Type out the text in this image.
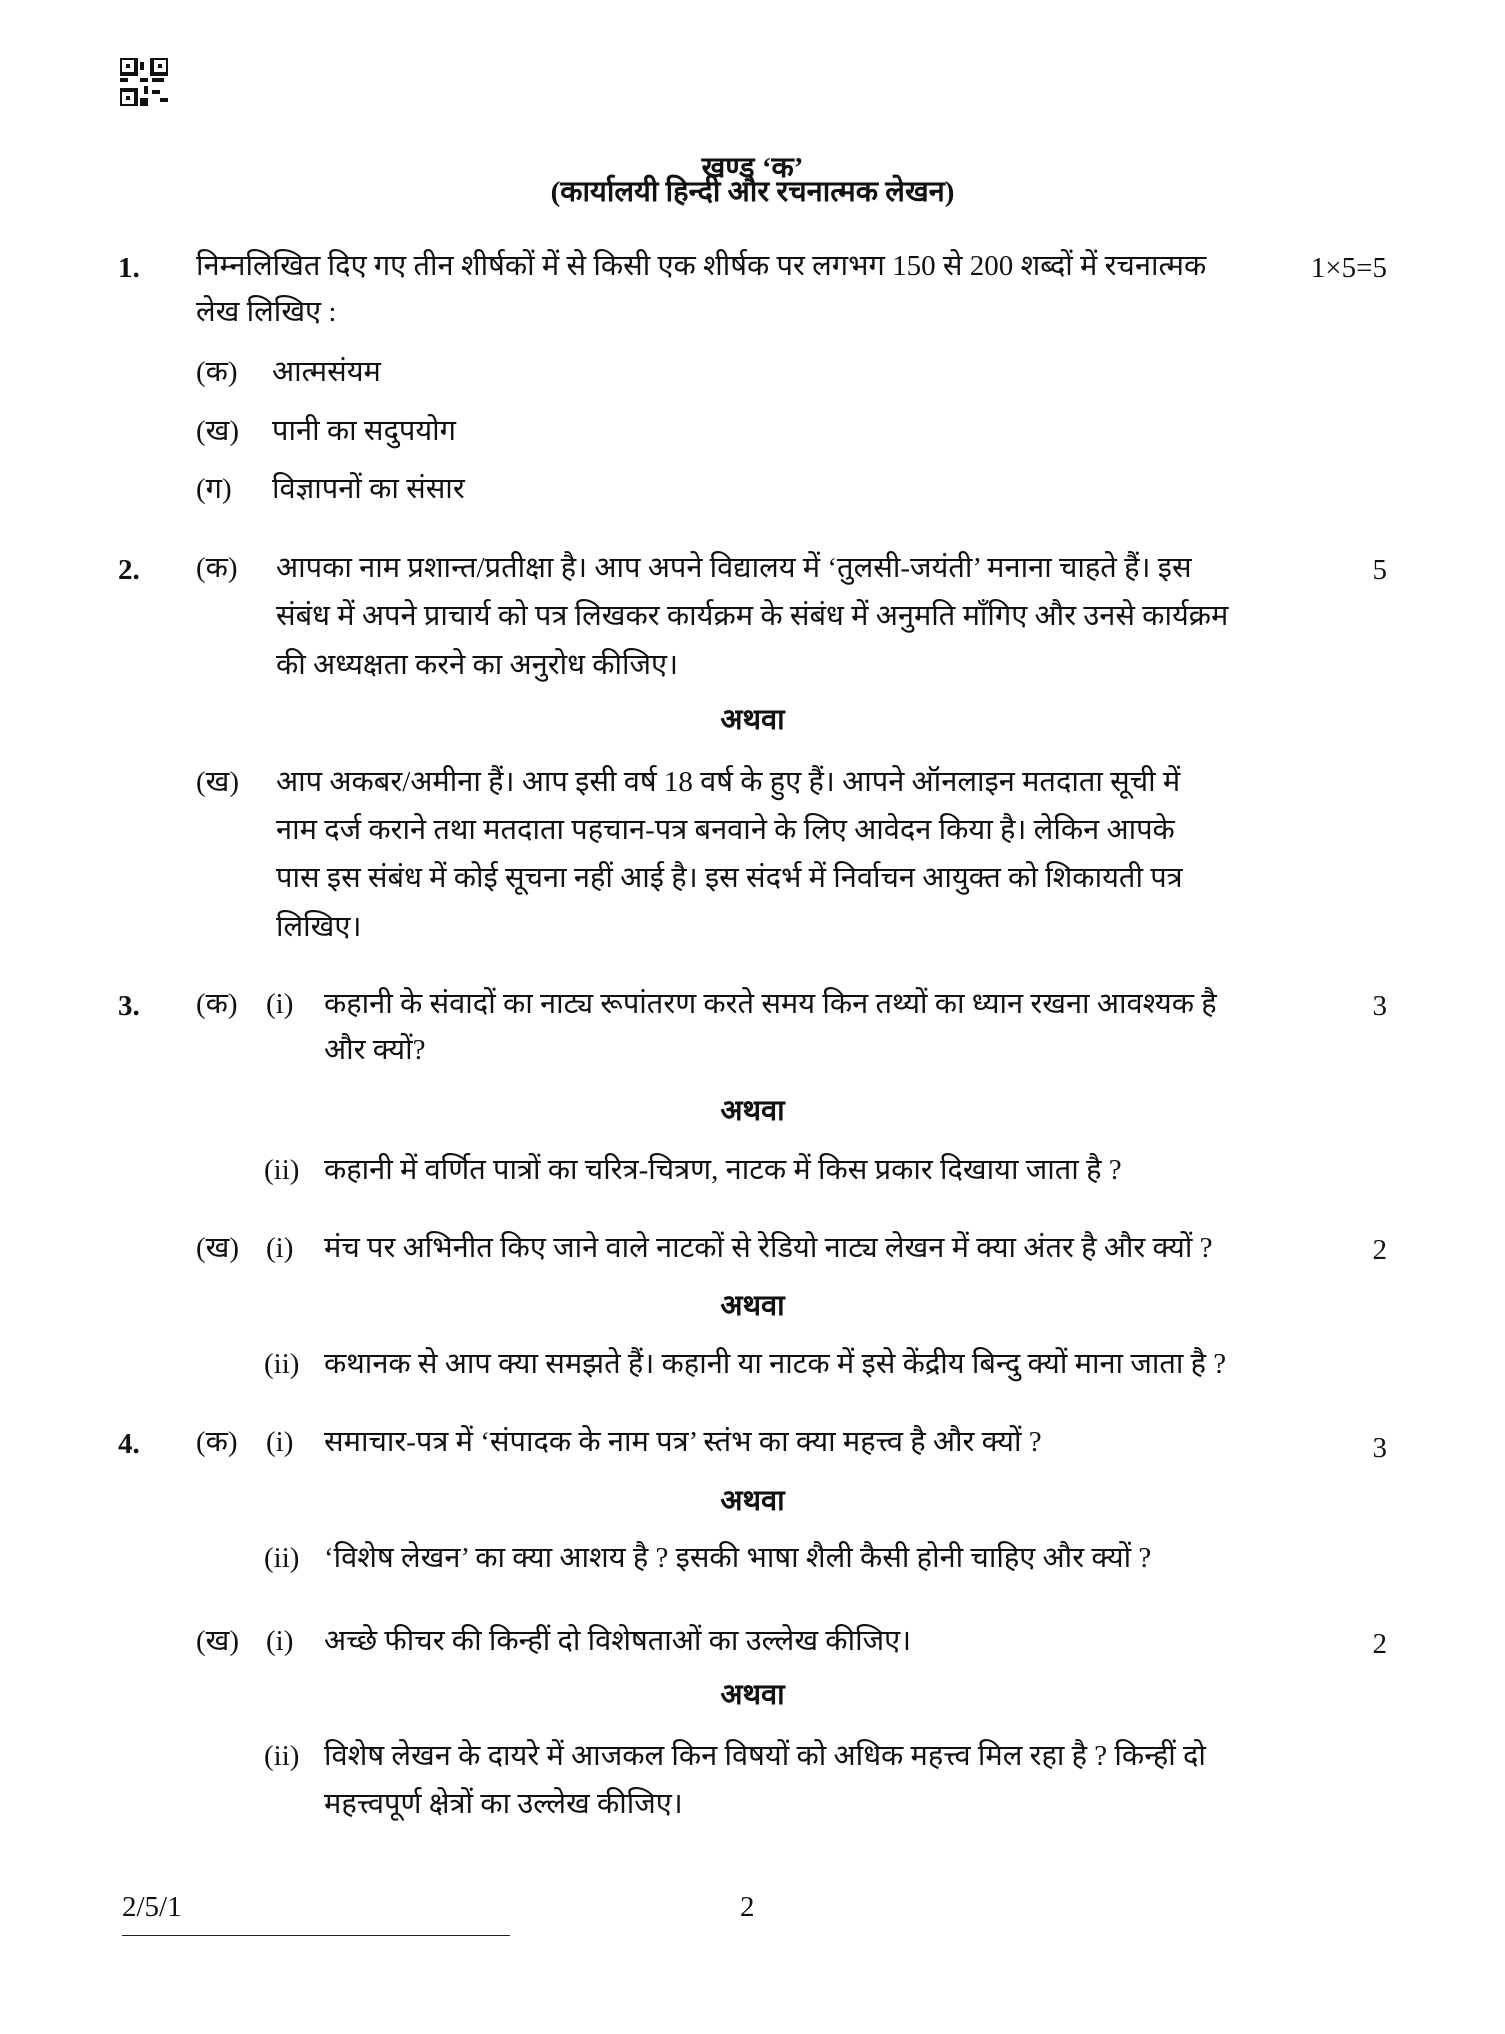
खण्ड ‘क’
(कार्यालयी हिन्दी और रचनात्मक लेखन)
1. निम्नलिखित दिए गए तीन शीर्षकों में से किसी एक शीर्षक पर लगभग 150 से 200 शब्दों में रचनात्मक	1×5=5
लेख लिखिए :
(क) आत्मसंयम
(ख) पानी का सदुपयोग
(ग) विज्ञापनों का संसार
2. (क)	5
आपका नाम प्रशान्त/प्रतीक्षा है। आप अपने विद्यालय में ‘तुलसी-जयंती’ मनाना चाहते हैं। इस
संबंध में अपने प्राचार्य को पत्र लिखकर कार्यक्रम के संबंध में अनुमति माँगिए और उनसे कार्यक्रम
की अध्यक्षता करने का अनुरोध कीजिए।
अथवा
(ख) आप अकबर/अमीना हैं। आप इसी वर्ष 18 वर्ष के हुए हैं। आपने ऑनलाइन मतदाता सूची में
नाम दर्ज कराने तथा मतदाता पहचान-पत्र बनवाने के लिए आवेदन किया है। लेकिन आपके
पास इस संबंध में कोई सूचना नहीं आई है। इस संदर्भ में निर्वाचन आयुक्त को शिकायती पत्र
लिखिए।
3. (क) (i) कहानी के संवादों का नाट्य रूपांतरण करते समय किन तथ्यों का ध्यान रखना आवश्यक है	3
और क्यों?
अथवा
(ii) कहानी में वर्णित पात्रों का चरित्र-चित्रण, नाटक में किस प्रकार दिखाया जाता है ?
(ख) (i) मंच पर अभिनीत किए जाने वाले नाटकों से रेडियो नाट्य लेखन में क्या अंतर है और क्यों ?	2
अथवा
(ii) कथानक से आप क्या समझते हैं। कहानी या नाटक में इसे केंद्रीय बिन्दु क्यों माना जाता है ?
4. (क) (i) समाचार-पत्र में ‘संपादक के नाम पत्र’ स्तंभ का क्या महत्त्व है और क्यों ?	3
अथवा
(ii) ‘विशेष लेखन’ का क्या आशय है ? इसकी भाषा शैली कैसी होनी चाहिए और क्यों ?
(ख) (i) अच्छे फीचर की किन्हीं दो विशेषताओं का उल्लेख कीजिए।	2
अथवा
(ii) विशेष लेखन के दायरे में आजकल किन विषयों को अधिक महत्त्व मिल रहा है ? किन्हीं दो
महत्त्वपूर्ण क्षेत्रों का उल्लेख कीजिए।
2/5/1	2
